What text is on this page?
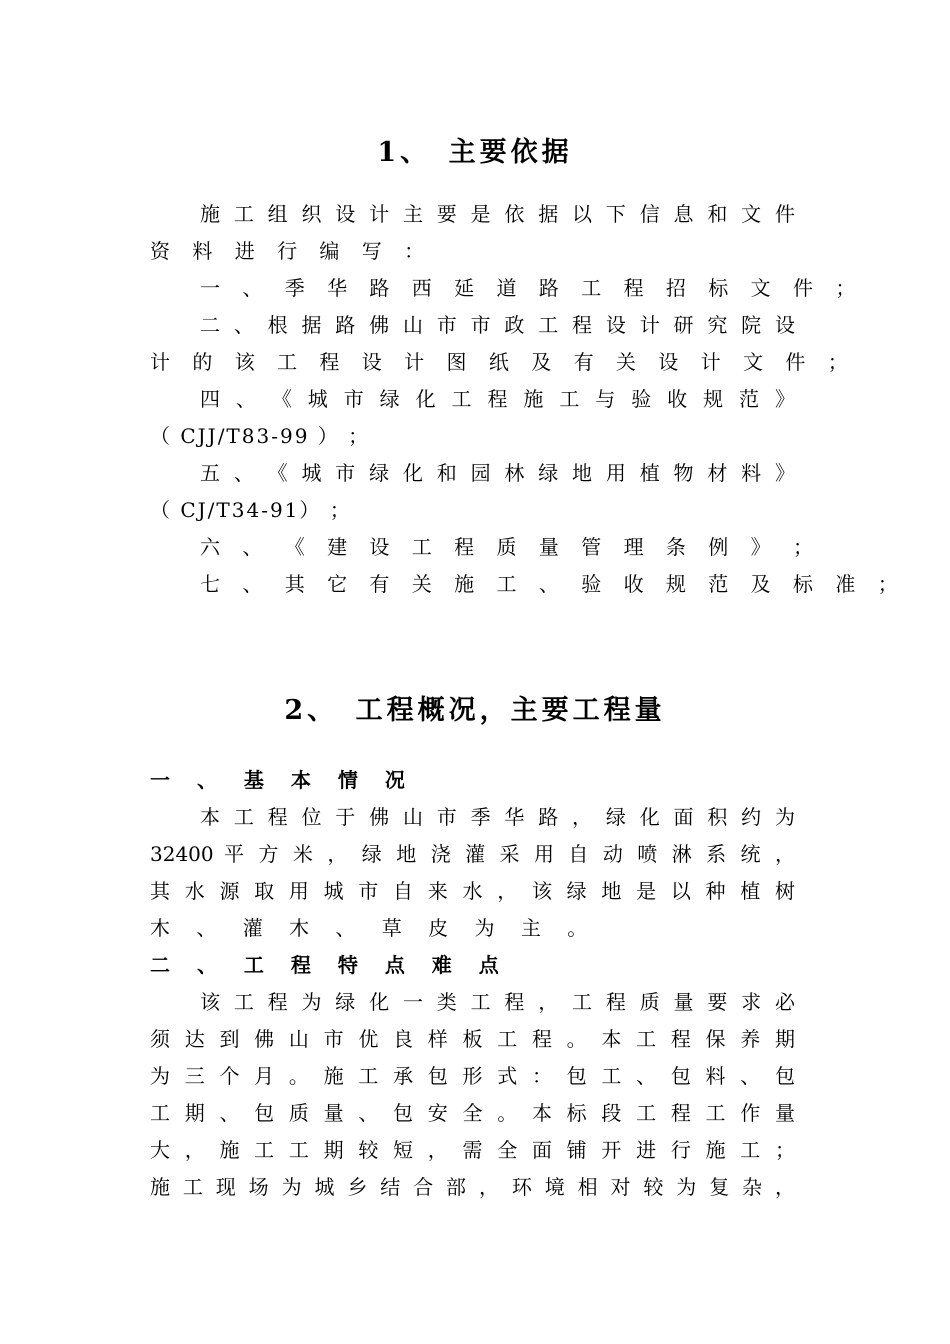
1、　主要依据
施 工 组 织 设 计 主 要 是 依 据 以 下 信 息 和 文 件
资 料 进 行 编 写 ：
一 、 季 华 路 西 延 道 路 工 程 招 标 文 件 ；
二 、 根 据 路 佛 山 市 市 政 工 程 设 计 研 究 院 设
计 的 该 工 程 设 计 图 纸 及 有 关 设 计 文 件 ；
四 、 《 城 市 绿 化 工 程 施 工 与 验 收 规 范 》
（ CJJ/T83-99 ） ；
五 、 《 城 市 绿 化 和 园 林 绿 地 用 植 物 材 料 》
（ CJ/T34-91） ；
六 、 《 建 设 工 程 质 量 管 理 条 例 》 ；
七 、 其 它 有 关 施 工 、 验 收 规 范 及 标 准 ；
2、　工程概况，主要工程量
一 、 基 本 情 况
本 工 程 位 于 佛 山 市 季 华 路 ， 绿 化 面 积 约 为
32400 平 方 米 ， 绿 地 浇 灌 采 用 自 动 喷 淋 系 统 ，
其 水 源 取 用 城 市 自 来 水 ， 该 绿 地 是 以 种 植 树
木 、 灌 木 、 草 皮 为 主 。
二 、 工 程 特 点 难 点
该 工 程 为 绿 化 一 类 工 程 ， 工 程 质 量 要 求 必
须 达 到 佛 山 市 优 良 样 板 工 程 。 本 工 程 保 养 期
为 三 个 月 。 施 工 承 包 形 式 ： 包 工 、 包 料 、 包
工 期 、 包 质 量 、 包 安 全 。 本 标 段 工 程 工 作 量
大 ， 施 工 工 期 较 短 ， 需 全 面 铺 开 进 行 施 工 ；
施 工 现 场 为 城 乡 结 合 部 ， 环 境 相 对 较 为 复 杂 ，
